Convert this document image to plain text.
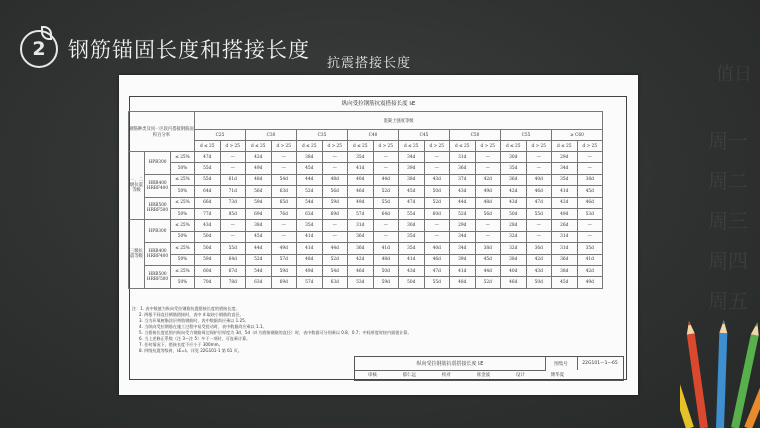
值日
周一
周二
周三
周四
周五
2 钢筋锚固长度和搭接长度
抗震搭接长度
纵向受拉钢筋抗震搭接长度 lₗE
钢筋种类及同一区段内搭接钢筋面积百分率			混凝土强度等级															
			C25		C30		C35		C40		C45		C50		C55		≥ C60	
			d ≤ 25	d > 25	d ≤ 25	d > 25	d ≤ 25	d > 25	d ≤ 25	d > 25	d ≤ 25	d > 25	d ≤ 25	d > 25	d ≤ 25	d > 25	d ≤ 25	d > 25
一、二级抗震等级	HPB300	≤ 25%	47d	—	42d	—	38d	—	35d	—	34d	—	31d	—	30d	—	29d	—
		50%	55d	—	49d	—	45d	—	41d	—	39d	—	36d	—	35d	—	34d	—
	HRB400 HRBF400	≤ 25%	55d	61d	48d	54d	44d	48d	40d	44d	38d	43d	37d	42d	36d	40d	35d	38d
		50%	64d	71d	56d	63d	52d	56d	46d	52d	45d	50d	43d	49d	42d	46d	41d	45d
	HRB500 HRBF500	≤ 25%	66d	73d	59d	65d	54d	59d	49d	55d	47d	52d	44d	48d	43d	47d	42d	46d
		50%	77d	85d	69d	76d	63d	69d	57d	64d	55d	60d	52d	56d	50d	55d	49d	53d
三级抗震等级	HPB300	≤ 25%	43d	—	38d	—	35d	—	31d	—	30d	—	29d	—	28d	—	26d	—
		50%	50d	—	45d	—	41d	—	36d	—	35d	—	34d	—	32d	—	31d	—
	HRB400 HRBF400	≤ 25%	50d	55d	44d	49d	41d	44d	36d	41d	35d	40d	34d	38d	32d	36d	31d	35d
		50%	59d	64d	52d	57d	48d	52d	42d	48d	41d	46d	39d	45d	38d	42d	36d	41d
	HRB500 HRBF500	≤ 25%	60d	67d	54d	59d	49d	54d	46d	50d	43d	47d	41d	44d	40d	43d	38d	42d
		50%	70d	78d	63d	69d	57d	63d	53d	59d	50d	55d	48d	52d	46d	50d	45d	49d
注：1. 表中数值为纵向受拉钢筋抗震搭接长度的搭接长度。
2. 两根不同直径钢筋搭接时，表中 d 取较小钢筋的直径。
3. 当为环氧树脂涂层带肋钢筋时，表中数据尚应乘以 1.25。
4. 当纵向受拉钢筋在施工过程中易受扰动时，表中数据尚应乘以 1.1。
5. 当搭接长度范围内纵向受力钢筋周边保护层厚度为 3d、5d（d 为搭接钢筋的直径）时，表中数据可分别乘以 0.8、0.7；中间厚度时按内插值计算。
6. 当上述修正系数（注 3～注 5）多于一项时，可连乘计算。
7. 任何情况下，搭接长度不应小于 300mm。
8. 四级抗震等级时，lₗE=lₗ。详见 22G101-1 第 61 页。
纵向受拉钢筋抗震搭接长度 lₗE	图集号	22G101—1—65
审核	郁仁远	校对	席金波	设计	傅华夏
